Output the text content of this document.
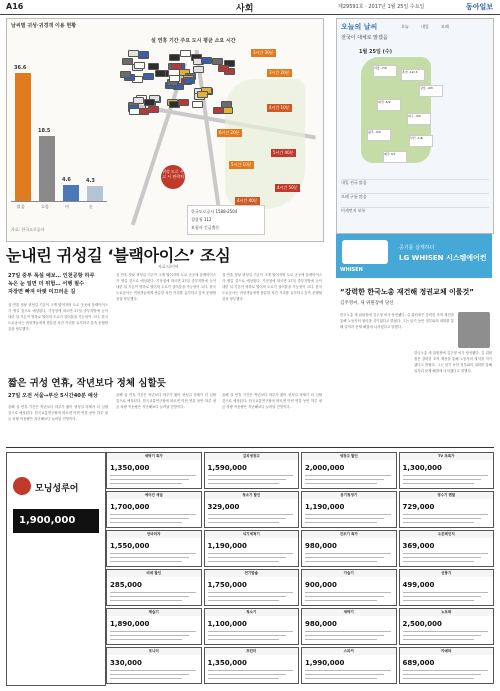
A16	사회	제29591호 · 2017년 1월 25일 수요일	동아일보
날씨별 귀성·귀경객 이용 현황
설 연휴 기간 주요 도시 평균 소요 시간
36.6
맑음
18.5
흐림
4.6
비
4.3
눈
자료: 한국도로공사
3시간 30분
3시간 20분
4시간 10분
5시간 40분
4시간 50분
6시간 20분
5시간 10분
4시간 40분
귀성 도로 사고 시 연락처
한국도로공사 1588-2504
경찰청 112
보험사 긴급출동
오늘의 날씨	오늘	내일	모레
전국이 대체로 맑겠음
1월 25일 (수)
서울 -7/0
춘천 -12/-1
강릉 -4/3
대전 -6/2
대구 -4/4
광주 -3/4
부산 -1/6
제주 3/7
내일 전국 맑음
모레 구름 많음
미세먼지 보통
공기를 살게하다
LG WHISEN 시스템에어컨
WHISEN
눈내린 귀성길 ‘블랙아이스’ 조심
자료:다이어
27일 중부 폭설 예보… 인천공항 하루
녹은 눈 얼면 더 위험… 서행 필수
자장면 빠져 아랫 미끄러운 길
설 연휴 첫날 귀성길 기온이 크게 떨어지며 도로 곳곳에 블랙아이스가 생길 것으로 예상된다. 기상청에 따르면 27일 중부지방에 눈이 내린 뒤 기온이 영하로 떨어져 도로가 얼어붙을 가능성이 크다. 한국도로공사는 귀성객들에게 충분한 차간 거리를 유지하고 감속 운행할 것을 당부했다.
설 연휴 첫날 귀성길 기온이 크게 떨어지며 도로 곳곳에 블랙아이스가 생길 것으로 예상된다. 기상청에 따르면 27일 중부지방에 눈이 내린 뒤 기온이 영하로 떨어져 도로가 얼어붙을 가능성이 크다. 한국도로공사는 귀성객들에게 충분한 차간 거리를 유지하고 감속 운행할 것을 당부했다.
설 연휴 첫날 귀성길 기온이 크게 떨어지며 도로 곳곳에 블랙아이스가 생길 것으로 예상된다. 기상청에 따르면 27일 중부지방에 눈이 내린 뒤 기온이 영하로 떨어져 도로가 얼어붙을 가능성이 크다. 한국도로공사는 귀성객들에게 충분한 차간 거리를 유지하고 감속 운행할 것을 당부했다.
짧은 귀성 연휴, 작년보다 정체 심할듯
27일 오전 서울→부산 5시간40분 예상
올해 설 연휴 기간은 작년보다 하루가 짧아 귀성길 정체가 더 심할 것으로 예상된다. 한국교통연구원에 따르면 이번 연휴 동안 하루 평균 차량 이동량은 지난해보다 늘어날 전망이다.
올해 설 연휴 기간은 작년보다 하루가 짧아 귀성길 정체가 더 심할 것으로 예상된다. 한국교통연구원에 따르면 이번 연휴 동안 하루 평균 차량 이동량은 지난해보다 늘어날 전망이다.
올해 설 연휴 기간은 작년보다 하루가 짧아 귀성길 정체가 더 심할 것으로 예상된다. 한국교통연구원에 따르면 이번 연휴 동안 하루 평균 차량 이동량은 지난해보다 늘어날 전망이다.
“강력한 한국노총 재건해 정권교체 이룰것”
김주영씨, 새 위원장에 당선
한국노총 새 위원장에 김주영 씨가 당선됐다. 김 위원장은 강력한 조직 재건을 통해 노동자의 권익을 지키겠다고 밝혔다. 그는 임기 동안 정부와의 대화를 통해 일자리 문제 해결에 나서겠다고 말했다.
한국노총 새 위원장에 김주영 씨가 당선됐다. 김 위원장은 강력한 조직 재건을 통해 노동자의 권익을 지키겠다고 밝혔다. 그는 임기 동안 정부와의 대화를 통해 일자리 문제 해결에 나서겠다고 말했다.
모닝성루어
1,900,000
세탁기 특가
1,350,000
김치냉장고
1,590,000
냉장고 할인
2,000,000
TV 초특가
1,300,000
에어컨 세일
1,700,000
청소기 할인
329,000
공기청정기
1,190,000
정수기 렌탈
729,000
안마의자
1,550,000
식기세척기
1,190,000
건조기 특가
980,000
오븐레인지
369,000
비데 할인
285,000
전기밥솥
1,750,000
가습기
900,000
선풍기
499,000
제습기
1,890,000
청소기
1,100,000
세탁기
980,000
노트북
2,500,000
모니터
330,000
프린터
1,350,000
스피커
1,990,000
카메라
689,000
